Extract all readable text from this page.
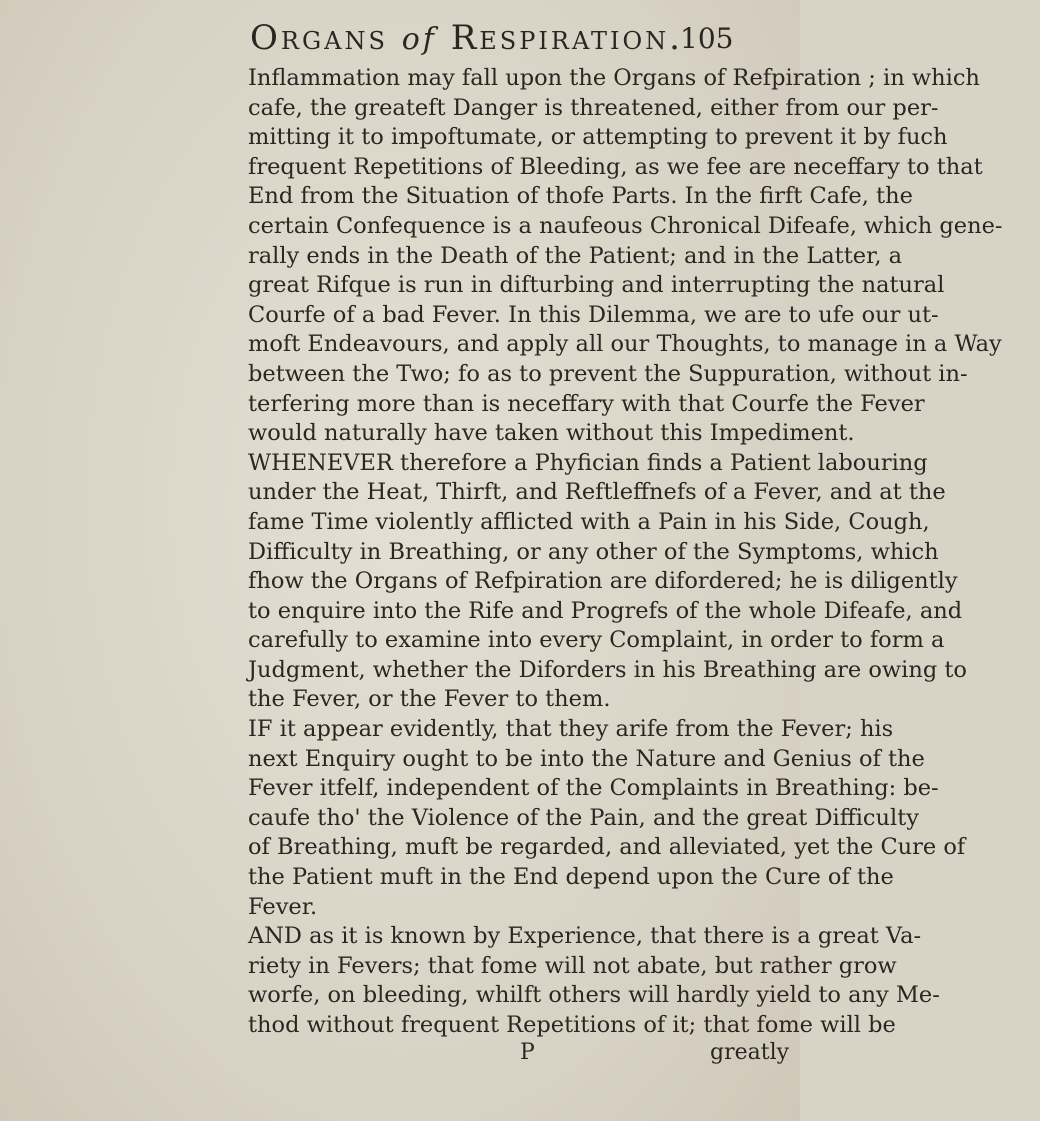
Organs of Respiration.
105
Inflammation may fall upon the Organs of Refpiration ; in which
cafe, the greateft Danger is threatened, either from our per-
mitting it to impoftumate, or attempting to prevent it by fuch
frequent Repetitions of Bleeding, as we fee are neceffary to that
End from the Situation of thofe Parts. In the firft Cafe, the
certain Confequence is a naufeous Chronical Difeafe, which gene-
rally ends in the Death of the Patient; and in the Latter, a
great Rifque is run in difturbing and interrupting the natural
Courfe of a bad Fever. In this Dilemma, we are to ufe our ut-
moft Endeavours, and apply all our Thoughts, to manage in a Way
between the Two; fo as to prevent the Suppuration, without in-
terfering more than is neceffary with that Courfe the Fever
would naturally have taken without this Impediment.
WHENEVER therefore a Phyfician finds a Patient labouring
under the Heat, Thirft, and Reftleffnefs of a Fever, and at the
fame Time violently afflicted with a Pain in his Side, Cough,
Difficulty in Breathing, or any other of the Symptoms, which
fhow the Organs of Refpiration are difordered; he is diligently
to enquire into the Rife and Progrefs of the whole Difeafe, and
carefully to examine into every Complaint, in order to form a
Judgment, whether the Diforders in his Breathing are owing to
the Fever, or the Fever to them.
IF it appear evidently, that they arife from the Fever; his
next Enquiry ought to be into the Nature and Genius of the
Fever itfelf, independent of the Complaints in Breathing: be-
caufe tho' the Violence of the Pain, and the great Difficulty
of Breathing, muft be regarded, and alleviated, yet the Cure of
the Patient muft in the End depend upon the Cure of the
Fever.
AND as it is known by Experience, that there is a great Va-
riety in Fevers; that fome will not abate, but rather grow
worfe, on bleeding, whilft others will hardly yield to any Me-
thod without frequent Repetitions of it; that fome will be
P	greatly
